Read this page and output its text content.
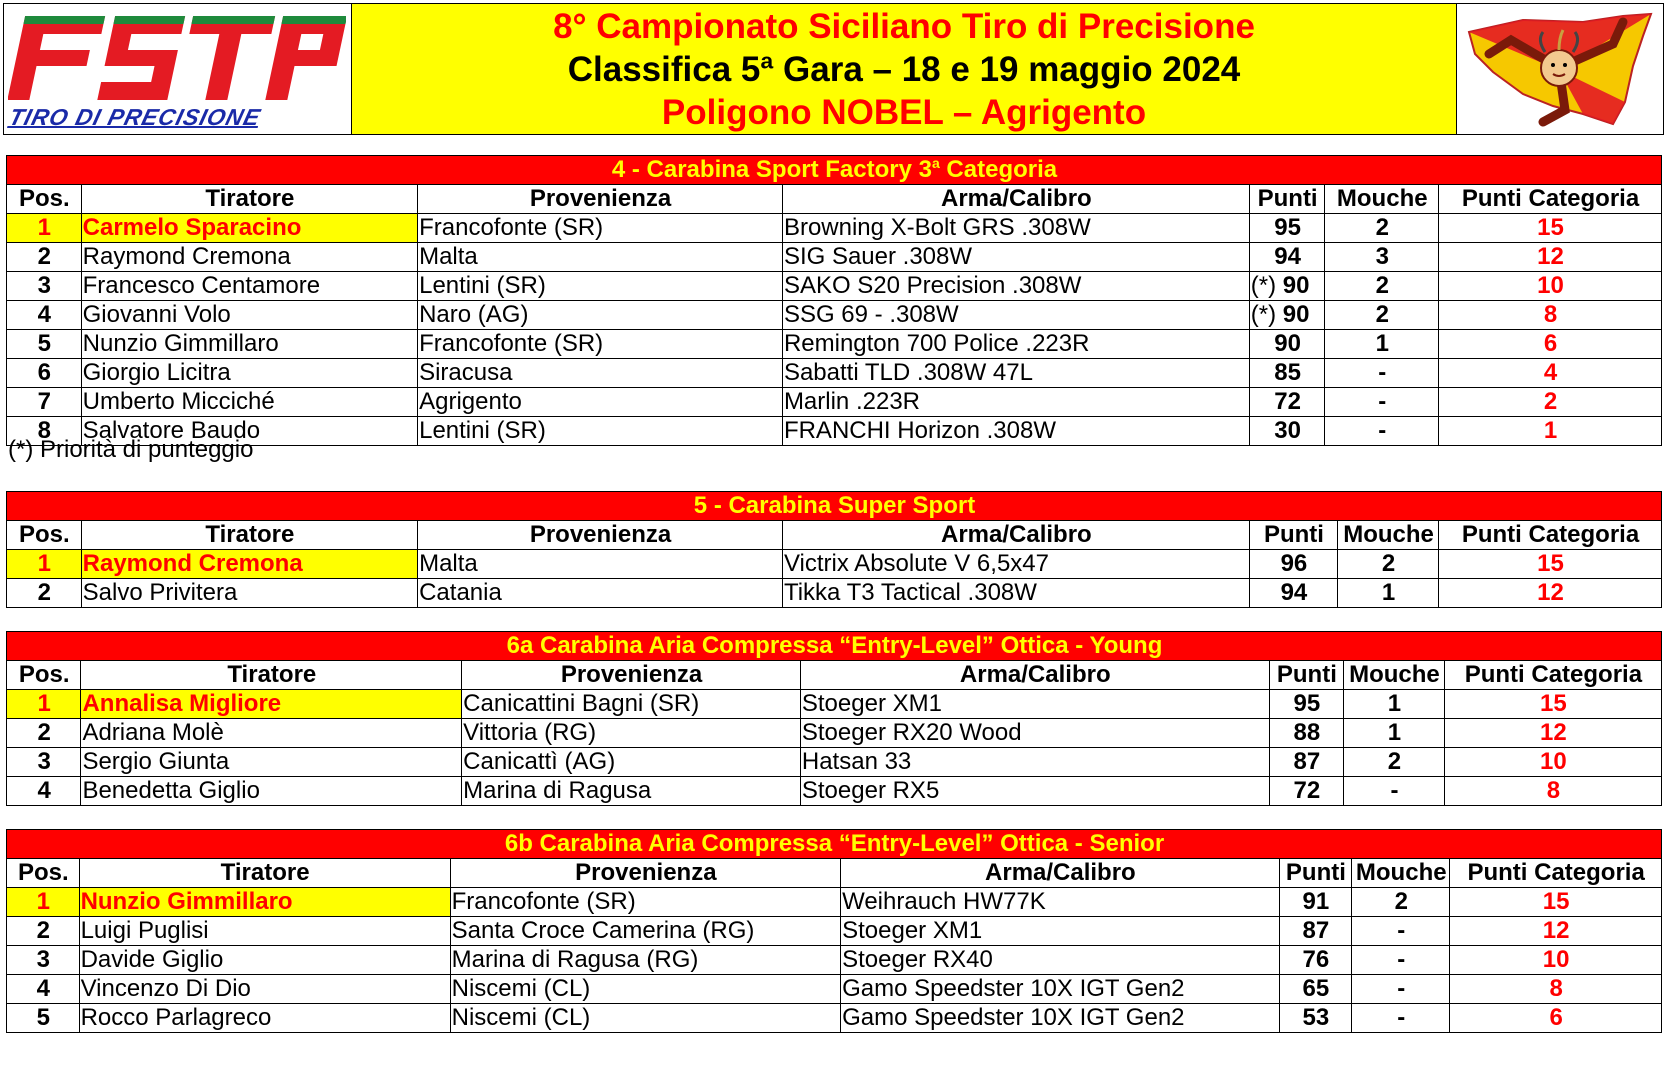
TIRO DI PRECISIONE
8° Campionato Siciliano Tiro di Precisione
Classifica 5ª Gara – 18 e 19 maggio 2024
Poligono NOBEL – Agrigento
4 - Carabina Sport Factory 3$^a$ Categoria						
Pos.	Tiratore	Provenienza	Arma/Calibro	Punti	Mouche	Punti Categoria
1	Carmelo Sparacino	Francofonte (SR)	Browning X-Bolt GRS .308W	95	2	15
2	Raymond Cremona	Malta	SIG Sauer .308W	94	3	12
3	Francesco Centamore	Lentini (SR)	SAKO S20 Precision .308W	(*) 90	2	10
4	Giovanni Volo	Naro (AG)	SSG 69 - .308W	(*) 90	2	8
5	Nunzio Gimmillaro	Francofonte (SR)	Remington 700 Police .223R	90	1	6
6	Giorgio Licitra	Siracusa	Sabatti TLD .308W 47L	85	-	4
7	Umberto Micciché	Agrigento	Marlin .223R	72	-	2
8	Salvatore Baudo	Lentini (SR)	FRANCHI Horizon .308W	30	-	1
(*) Priorità di punteggio
5 - Carabina Super Sport						
Pos.	Tiratore	Provenienza	Arma/Calibro	Punti	Mouche	Punti Categoria
1	Raymond Cremona	Malta	Victrix Absolute V 6,5x47	96	2	15
2	Salvo Privitera	Catania	Tikka T3 Tactical .308W	94	1	12
6a Carabina Aria Compressa “Entry-Level” Ottica - Young						
Pos.	Tiratore	Provenienza	Arma/Calibro	Punti	Mouche	Punti Categoria
1	Annalisa Migliore	Canicattini Bagni (SR)	Stoeger XM1	95	1	15
2	Adriana Molè	Vittoria (RG)	Stoeger RX20 Wood	88	1	12
3	Sergio Giunta	Canicattì (AG)	Hatsan 33	87	2	10
4	Benedetta Giglio	Marina di Ragusa	Stoeger RX5	72	-	8
6b Carabina Aria Compressa “Entry-Level” Ottica - Senior						
Pos.	Tiratore	Provenienza	Arma/Calibro	Punti	Mouche	Punti Categoria
1	Nunzio Gimmillaro	Francofonte (SR)	Weihrauch HW77K	91	2	15
2	Luigi Puglisi	Santa Croce Camerina (RG)	Stoeger XM1	87	-	12
3	Davide Giglio	Marina di Ragusa (RG)	Stoeger RX40	76	-	10
4	Vincenzo Di Dio	Niscemi (CL)	Gamo Speedster 10X IGT Gen2	65	-	8
5	Rocco Parlagreco	Niscemi (CL)	Gamo Speedster 10X IGT Gen2	53	-	6
